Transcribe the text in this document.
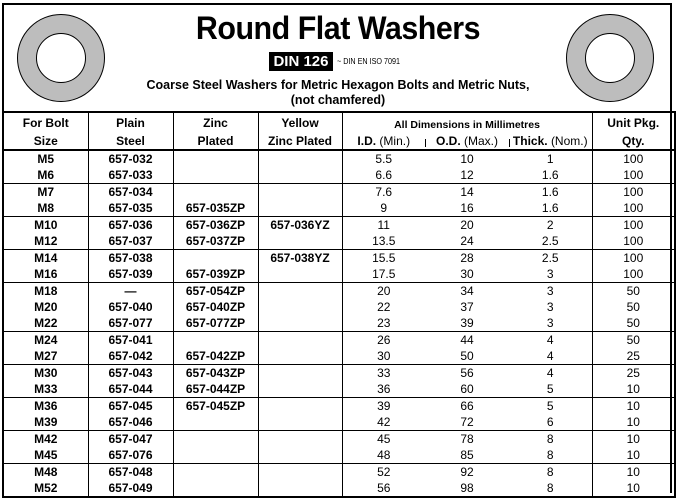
Round Flat Washers
DIN 126 ~ DIN EN ISO 7091
Coarse Steel Washers for Metric Hexagon Bolts and Metric Nuts,
(not chamfered)
For Bolt	Plain	Zinc	Yellow	All Dimensions in Millimetres			Unit Pkg.
Size	Steel	Plated	Zinc Plated	I.D. (Min.)	O.D. (Max.)	Thick. (Nom.)	Qty.
M5	657-032			5.5	10	1	100
M6	657-033			6.6	12	1.6	100
M7	657-034			7.6	14	1.6	100
M8	657-035	657-035ZP		9	16	1.6	100
M10	657-036	657-036ZP	657-036YZ	11	20	2	100
M12	657-037	657-037ZP		13.5	24	2.5	100
M14	657-038		657-038YZ	15.5	28	2.5	100
M16	657-039	657-039ZP		17.5	30	3	100
M18	—	657-054ZP		20	34	3	50
M20	657-040	657-040ZP		22	37	3	50
M22	657-077	657-077ZP		23	39	3	50
M24	657-041			26	44	4	50
M27	657-042	657-042ZP		30	50	4	25
M30	657-043	657-043ZP		33	56	4	25
M33	657-044	657-044ZP		36	60	5	10
M36	657-045	657-045ZP		39	66	5	10
M39	657-046			42	72	6	10
M42	657-047			45	78	8	10
M45	657-076			48	85	8	10
M48	657-048			52	92	8	10
M52	657-049			56	98	8	10
